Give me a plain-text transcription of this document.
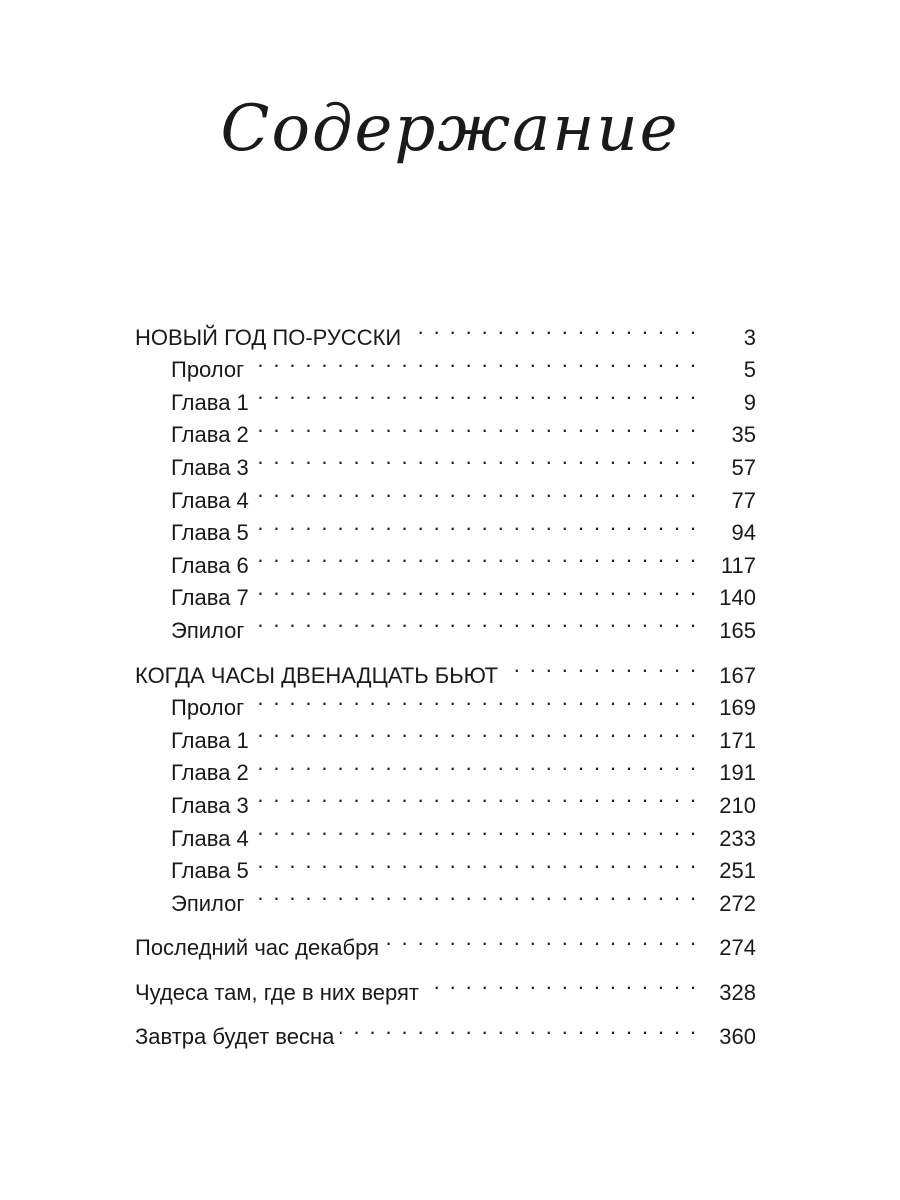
Содержание
НОВЫЙ ГОД ПО-РУССКИ . . .	3
Пролог . . .	5
Глава 1 . . .	9
Глава 2 . . .	35
Глава 3 . . .	57
Глава 4 . . .	77
Глава 5 . . .	94
Глава 6 . . .	117
Глава 7 . . .	140
Эпилог . . .	165
КОГДА ЧАСЫ ДВЕНАДЦАТЬ БЬЮТ . . .	167
Пролог . . .	169
Глава 1 . . .	171
Глава 2 . . .	191
Глава 3 . . .	210
Глава 4 . . .	233
Глава 5 . . .	251
Эпилог . . .	272
Последний час декабря . . .	274
Чудеса там, где в них верят . . .	328
Завтра будет весна . . .	360
